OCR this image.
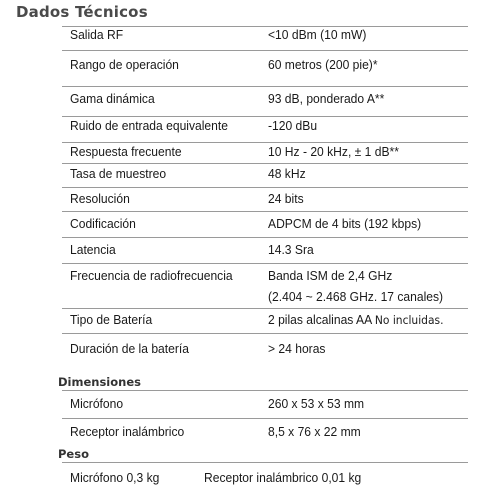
Dados Técnicos
Salida RF	<10 dBm (10 mW)
Rango de operación	60 metros (200 pie)*
Gama dinámica	93 dB, ponderado A**
Ruido de entrada equivalente	-120 dBu
Respuesta frecuente	10 Hz - 20 kHz, ± 1 dB**
Tasa de muestreo	48 kHz
Resolución	24 bits
Codificación	ADPCM de 4 bits (192 kbps)
Latencia	14.3 Sra
Frecuencia de radiofrecuencia	Banda ISM de 2,4 GHz
(2.404 ~ 2.468 GHz. 17 canales)
Tipo de Batería	2 pilas alcalinas AA No incluidas.
Duración de la batería	> 24 horas
Dimensiones
Micrófono	260 x 53 x 53 mm
Receptor inalámbrico	8,5 x 76 x 22 mm
Peso
Micrófono 0,3 kg	Receptor inalámbrico 0,01 kg
